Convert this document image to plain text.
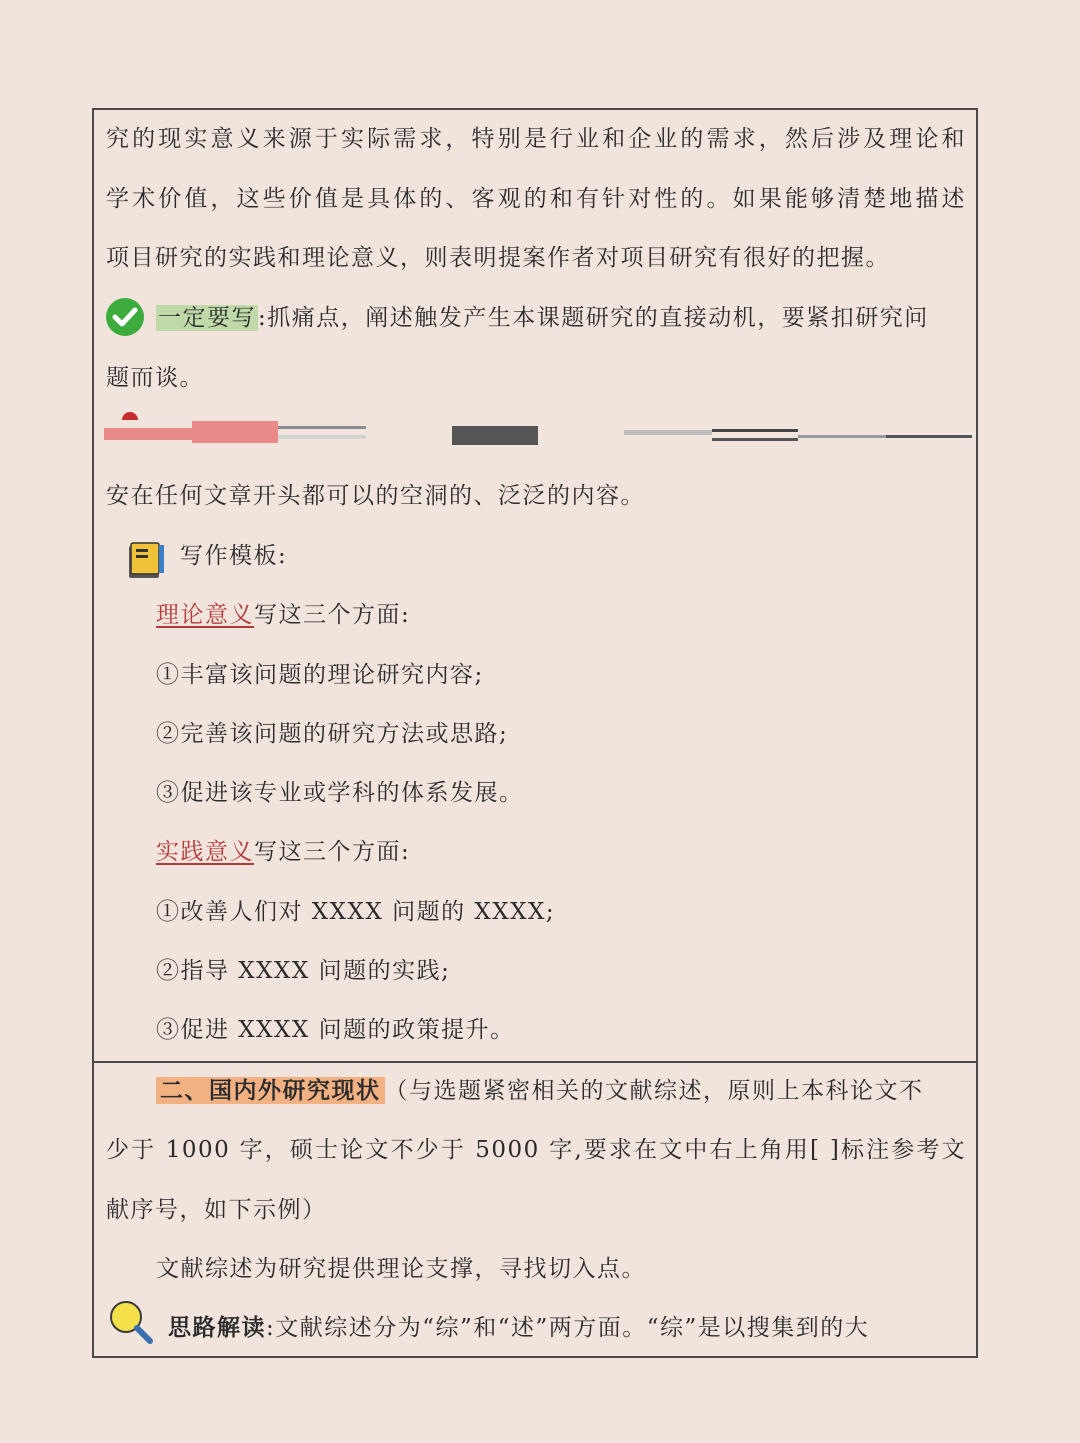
究的现实意义来源于实际需求，特别是行业和企业的需求，然后涉及理论和
学术价值，这些价值是具体的、客观的和有针对性的。如果能够清楚地描述
项目研究的实践和理论意义，则表明提案作者对项目研究有很好的把握。
一定要写:抓痛点，阐述触发产生本课题研究的直接动机，要紧扣研究问
题而谈。
安在任何文章开头都可以的空洞的、泛泛的内容。
写作模板:
理论意义写这三个方面:
①丰富该问题的理论研究内容;
②完善该问题的研究方法或思路;
③促进该专业或学科的体系发展。
实践意义写这三个方面:
①改善人们对 XXXX 问题的 XXXX;
②指导 XXXX 问题的实践;
③促进 XXXX 问题的政策提升。
二、国内外研究现状 （与选题紧密相关的文献综述，原则上本科论文不
少于 1000 字，硕士论文不少于 5000 字,要求在文中右上角用[ ]标注参考文
献序号，如下示例）
文献综述为研究提供理论支撑，寻找切入点。
思路解读:文献综述分为“综”和“述”两方面。“综”是以搜集到的大
